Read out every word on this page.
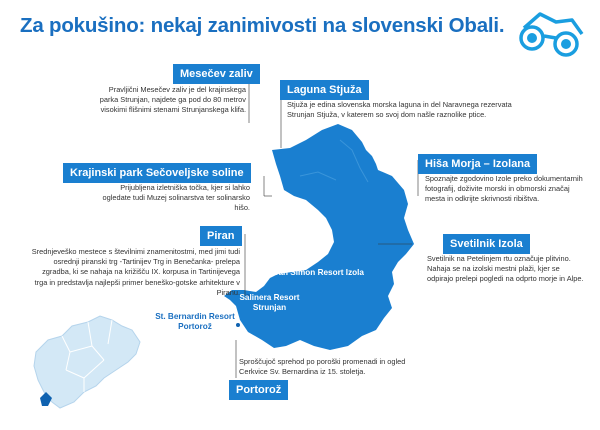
Za pokušino: nekaj zanimivosti na slovenski Obali.
Mesečev zaliv
Pravljični Mesečev zaliv je del krajinskega parka Strunjan, najdete ga pod do 80 metrov visokimi flišnimi stenami Strunjanskega klifa.
Laguna Stjuža
Stjuža je edina slovenska morska laguna in del Naravnega rezervata Strunjan Stjuža, v katerem so svoj dom našle raznolike ptice.
Krajinski park Sečoveljske soline
Prijubljena izletniška točka, kjer si lahko ogledate tudi Muzej solinarstva ter solinarsko hišo.
Hiša Morja – Izolana
Spoznajte zgodovino Izole preko dokumentarnih fotografij, doživite morski in obmorski značaj mesta in odkrijte skrivnosti ribištva.
Piran
Srednjeveško mestece s številnimi znamenitostmi, med jimi tudi osrednji piranski trg -Tartinijev Trg in Benečanka- prelepa zgradba, ki se nahaja na križišču IX. korpusa in Tartinijevega trga in predstavlja najlepši primer beneško-gotske arhitekture v Piranu.
Svetilnik Izola
Svetilnik na Petelinjem rtu označuje plitvino. Nahaja se na izolski mestni plaži, kjer se odpirajo prelepi pogledi na odprto morje in Alpe.
Sproščujoč sprehod po poroški promenadi in ogled Cerkvice Sv. Bernardina iz 15. stoletja.
Portorož
San Simon Resort Izola
Salinera Resort Strunjan
St. Bernardin Resort Portorož
